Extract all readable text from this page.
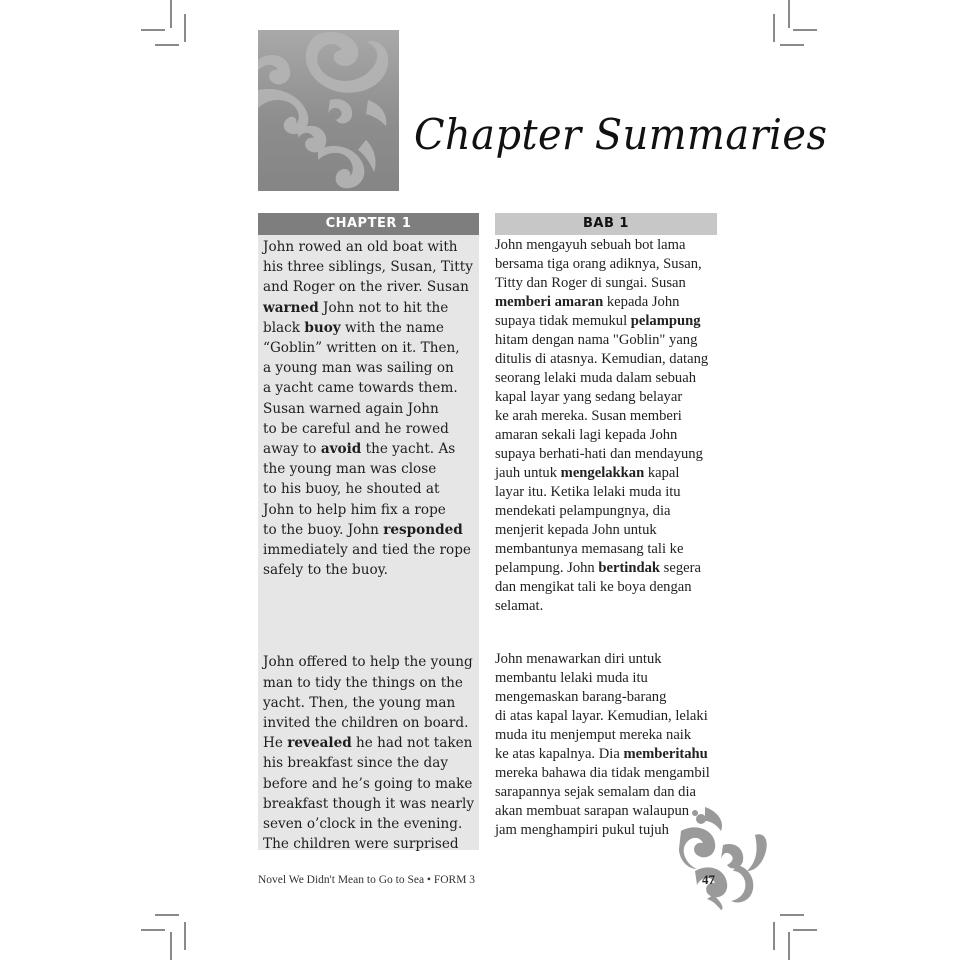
Chapter Summaries
CHAPTER 1
John rowed an old boat with
his three siblings, Susan, Titty
and Roger on the river. Susan
warned John not to hit the
black buoy with the name
“Goblin” written on it. Then,
a young man was sailing on
a yacht came towards them.
Susan warned again John
to be careful and he rowed
away to avoid the yacht. As
the young man was close
to his buoy, he shouted at
John to help him fix a rope
to the buoy. John responded
immediately and tied the rope
safely to the buoy.
John offered to help the young
man to tidy the things on the
yacht. Then, the young man
invited the children on board.
He revealed he had not taken
his breakfast since the day
before and he’s going to make
breakfast though it was nearly
seven o’clock in the evening.
The children were surprised
BAB 1
John mengayuh sebuah bot lama
bersama tiga orang adiknya, Susan,
Titty dan Roger di sungai. Susan
memberi amaran kepada John
supaya tidak memukul pelampung
hitam dengan nama "Goblin" yang
ditulis di atasnya. Kemudian, datang
seorang lelaki muda dalam sebuah
kapal layar yang sedang belayar
ke arah mereka. Susan memberi
amaran sekali lagi kepada John
supaya berhati-hati dan mendayung
jauh untuk mengelakkan kapal
layar itu. Ketika lelaki muda itu
mendekati pelampungnya, dia
menjerit kepada John untuk
membantunya memasang tali ke
pelampung. John bertindak segera
dan mengikat tali ke boya dengan
selamat.
John menawarkan diri untuk
membantu lelaki muda itu
mengemaskan barang-barang
di atas kapal layar. Kemudian, lelaki
muda itu menjemput mereka naik
ke atas kapalnya. Dia memberitahu
mereka bahawa dia tidak mengambil
sarapannya sejak semalam dan dia
akan membuat sarapan walaupun
jam menghampiri pukul tujuh
Novel We Didn't Mean to Go to Sea • FORM 3	47
